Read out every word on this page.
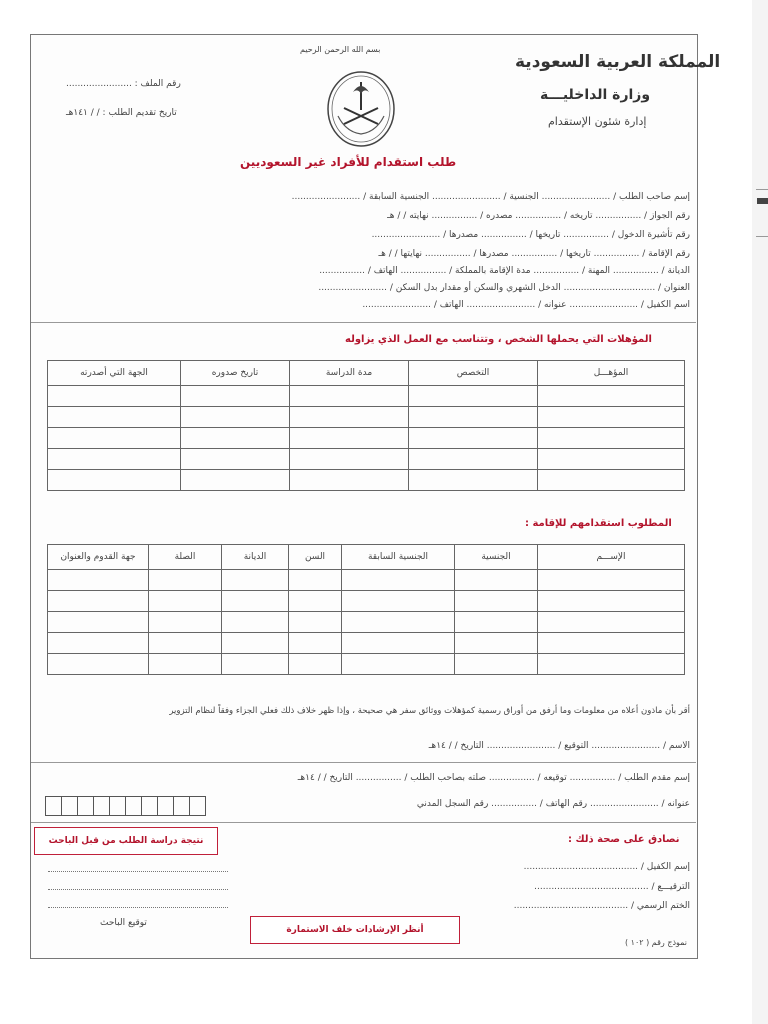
بسم الله الرحمن الرحيم
المملكة العربية السعودية
وزارة الداخليـــة
إدارة شئون الإستقدام
رقم الملف : .......................
تاريخ تقديم الطلب : / / ١٤١هـ
طلب استقدام للأفراد غير السعوديين
إسم صاحب الطلب / ........................ الجنسية / ........................ الجنسية السابقة / ........................
رقم الجواز / ................ تاريخه / ................ مصدره / ................ نهايته / / هـ
رقم تأشيرة الدخول / ................ تاريخها / ................ مصدرها / ........................
رقم الإقامة / ................ تاريخها / ................ مصدرها / ................ نهايتها / / هـ
الديانة / ................ المهنة / ................ مدة الإقامة بالمملكة / ................ الهاتف / ................
العنوان / ................................ الدخل الشهري والسكن أو مقدار بدل السكن / ........................
اسم الكفيل / ........................ عنوانه / ........................ الهاتف / ........................
المؤهلات التي يحملها الشخص ، وتتناسب مع العمل الذي يزاوله
المؤهـــل	التخصص	مدة الدراسة	تاريخ صدوره	الجهة التي أصدرته

المطلوب استقدامهم للإقامة :
الإســـم	الجنسية	الجنسية السابقة	السن	الديانة	الصلة	جهة القدوم والعنوان

أقر بأن ماذون أعلاه من معلومات وما أرفق من أوراق رسمية كمؤهلات ووثائق سفر هي صحيحة ، وإذا ظهر خلاف ذلك فعلي الجزاء وفقاً لنظام التزوير
الاسم / ........................ التوقيع / ........................ التاريخ / / ١٤هـ
إسم مقدم الطلب / ................ توقيعه / ................ صلته بصاحب الطلب / ................ التاريخ / / ١٤هـ
عنوانه / ........................ رقم الهاتف / ................ رقم السجل المدني
نتيجة دراسة الطلب من قبل الباحث	نصادق على صحة ذلك :
إسم الكفيل / ........................................
الترقيـــع / ........................................
الختم الرسمي / ........................................
توقيع الباحث
أنظر الإرشادات خلف الاستمارة
نموذج رقم ( ١٠٢ )
